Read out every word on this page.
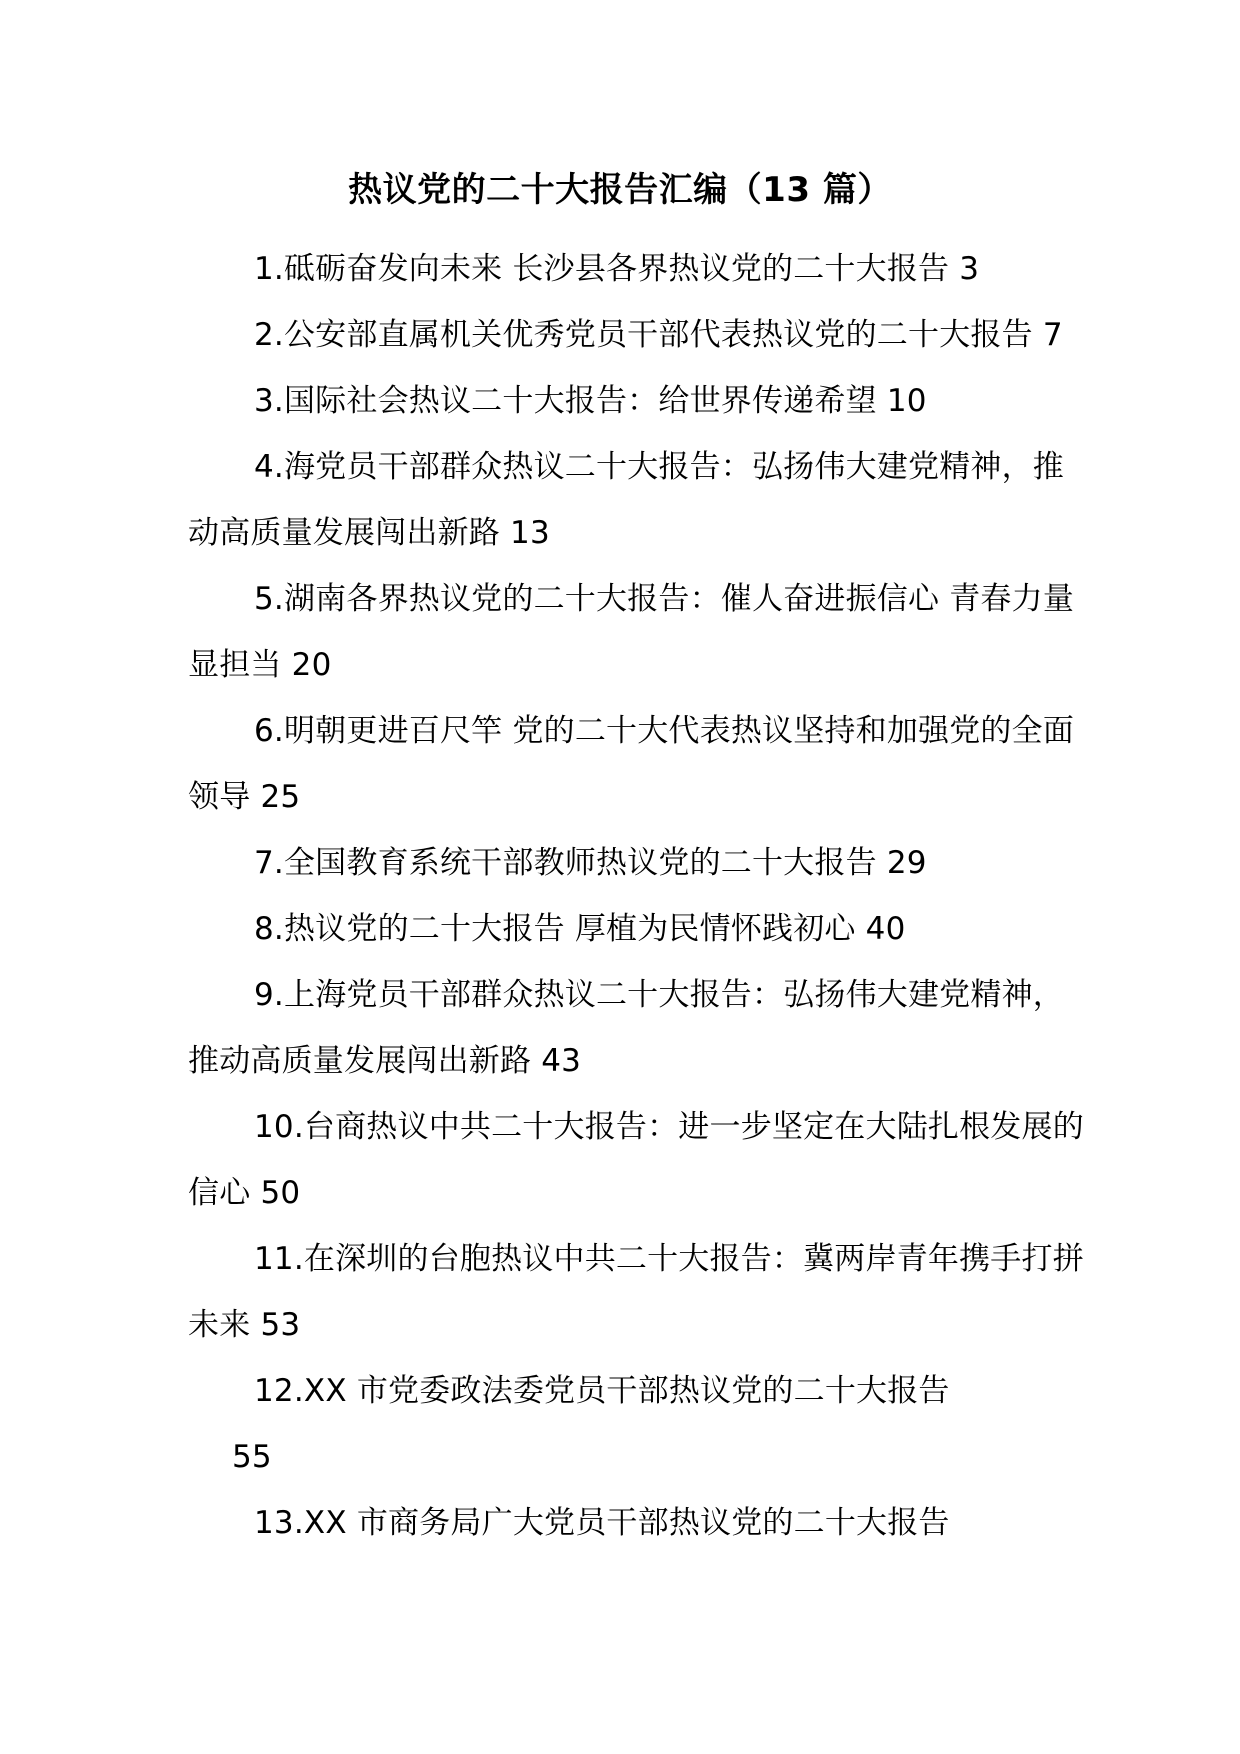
热议党的二十大报告汇编（13 篇）

1.砥砺奋发向未来 长沙县各界热议党的二十大报告 3

2.公安部直属机关优秀党员干部代表热议党的二十大报告 7

3.国际社会热议二十大报告：给世界传递希望 10

4.海党员干部群众热议二十大报告：弘扬伟大建党精神，推动高质量发展闯出新路 13

5.湖南各界热议党的二十大报告：催人奋进振信心 青春力量显担当 20

6.明朝更进百尺竿 党的二十大代表热议坚持和加强党的全面领导 25

7.全国教育系统干部教师热议党的二十大报告 29

8.热议党的二十大报告 厚植为民情怀践初心 40

9.上海党员干部群众热议二十大报告：弘扬伟大建党精神，推动高质量发展闯出新路 43

10.台商热议中共二十大报告：进一步坚定在大陆扎根发展的信心 50

11.在深圳的台胞热议中共二十大报告：冀两岸青年携手打拼未来 53

12.XX 市党委政法委党员干部热议党的二十大报告

55

13.XX 市商务局广大党员干部热议党的二十大报告
